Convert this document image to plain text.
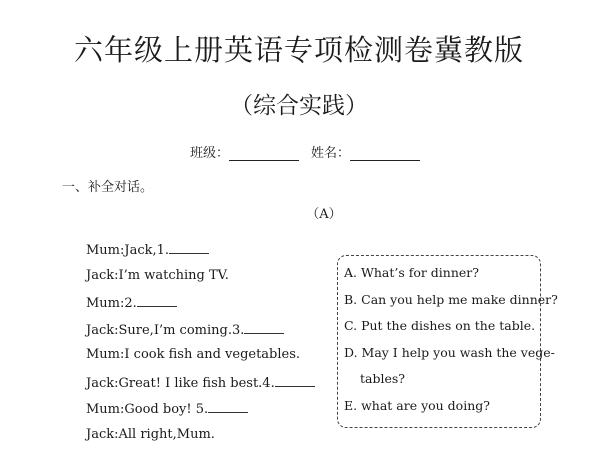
六年级上册英语专项检测卷冀教版
（综合实践）
班级：	姓名：
一、补全对话。
（A）
Mum:Jack,1.
Jack:I’m watching TV.
Mum:2.
Jack:Sure,I’m coming.3.
Mum:I cook fish and vegetables.
Jack:Great! I like fish best.4.
Mum:Good boy! 5.
Jack:All right,Mum.
A. What’s for dinner?
B. Can you help me make dinner?
C. Put the dishes on the table.
D. May I help you wash the vege-
tables?
E. what are you doing?
